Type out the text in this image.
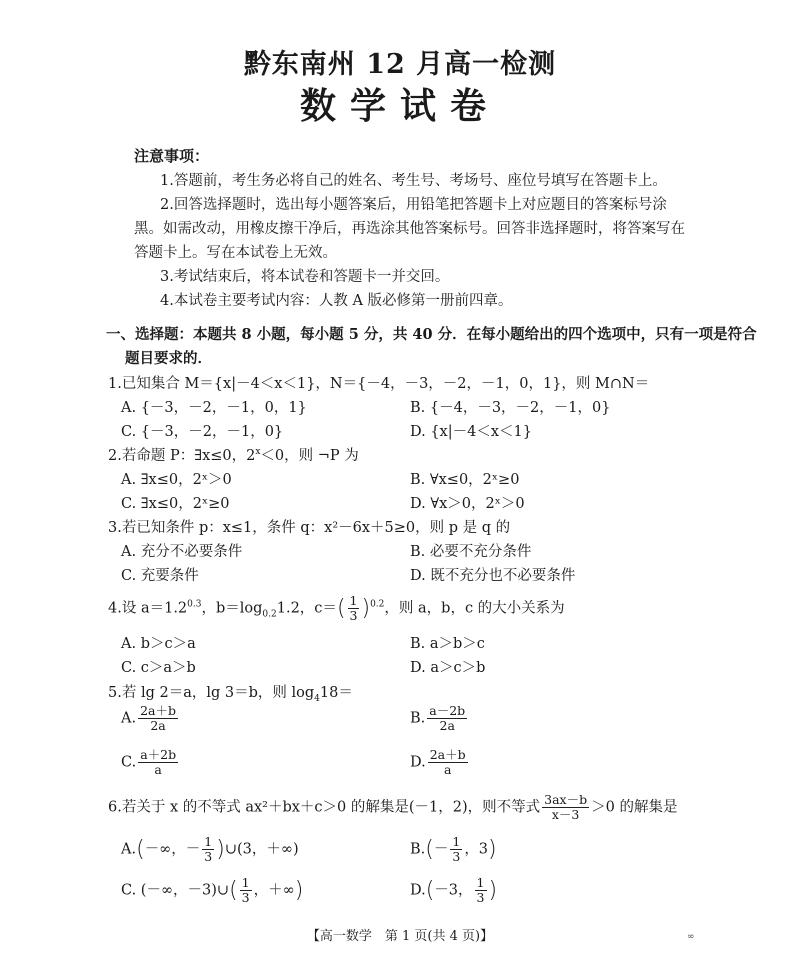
黔东南州 12 月高一检测
数学试卷
注意事项：
1.答题前，考生务必将自己的姓名、考生号、考场号、座位号填写在答题卡上。
2.回答选择题时，选出每小题答案后，用铅笔把答题卡上对应题目的答案标号涂
黑。如需改动，用橡皮擦干净后，再选涂其他答案标号。回答非选择题时，将答案写在
答题卡上。写在本试卷上无效。
3.考试结束后，将本试卷和答题卡一并交回。
4.本试卷主要考试内容：人教 A 版必修第一册前四章。
一、选择题：本题共 8 小题，每小题 5 分，共 40 分．在每小题给出的四个选项中，只有一项是符合
题目要求的．
1.已知集合 M＝{x|－4＜x＜1}，N＝{－4，－3，－2，－1，0，1}，则 M∩N＝
A. {－3，－2，－1，0，1}	B. {－4，－3，－2，－1，0}
C. {－3，－2，－1，0}	D. {x|－4＜x＜1}
2.若命题 P：∃x≤0，$2^x<0$，则 ¬P 为
A. ∃x≤0，2ˣ＞0	B. ∀x≤0，2ˣ≥0
C. ∃x≤0，2ˣ≥0	D. ∀x＞0，2ˣ＞0
3.若已知条件 p：x≤1，条件 q：x²－6x＋5≥0，则 p 是 q 的
A. 充分不必要条件	B. 必要不充分条件
C. 充要条件	D. 既不充分也不必要条件
4.设 $a=1.2^{0.3}$，$b=\log_{0.2}1.2$，$c=( \frac{1}{3} )^{0.2}$，则 a，b，c 的大小关系为
A. b＞c＞a	B. a＞b＞c
C. c＞a＞b	D. a＞c＞b
5.若 lg 2＝a，lg 3＝b，则 $\log_418=$
A. $\frac{2a+b}{2a}$	B. $\frac{a-2b}{2a}$
C. $\frac{a+2b}{a}$	D. $\frac{2a+b}{a}$
6.若关于 x 的不等式 ax²＋bx＋c＞0 的解集是(－1，2)，则不等式 $\frac{3ax-b}{x-3} >0$ 的解集是
A.(－∞，－ $\frac{1}{3}$ )∪(3，＋∞)	$B.(- \frac{1}{3}$ ，3)
C. (－∞，－3)∪( $\frac{1}{3}$ ，＋∞)	D.(－3， $\frac{1}{3}$ )
【高一数学　第 1 页(共 4 页)】	∞
